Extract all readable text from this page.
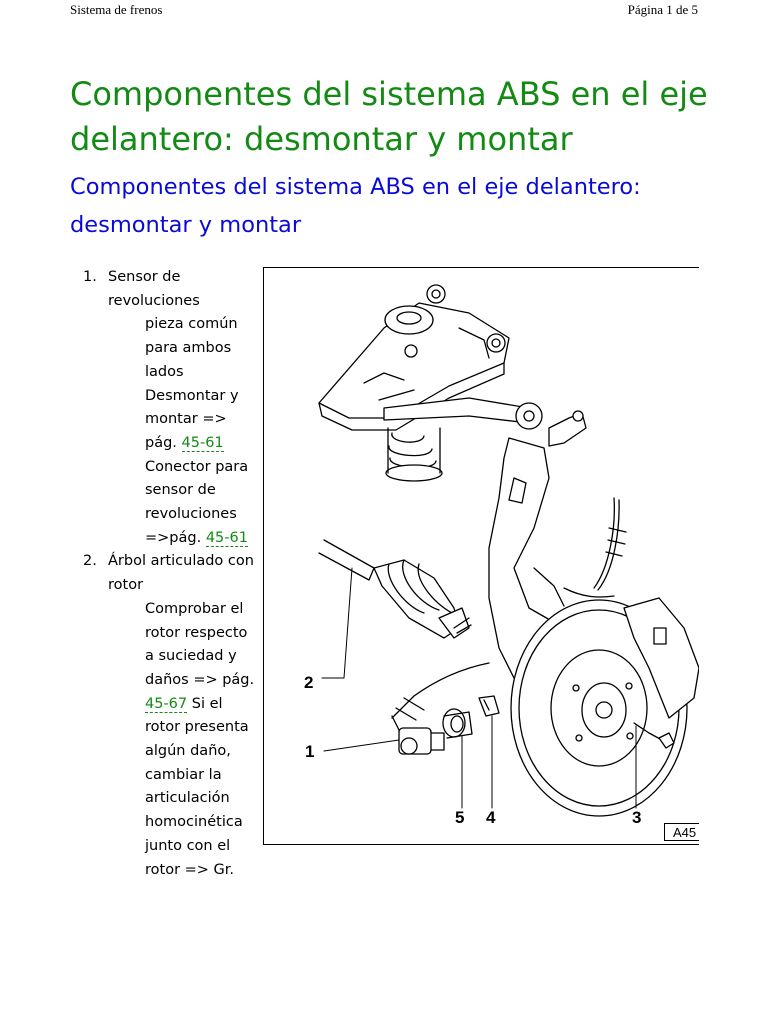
Sistema de frenos	Página 1 de 5
Componentes del sistema ABS en el eje delantero: desmontar y montar
Componentes del sistema ABS en el eje delantero: desmontar y montar
1. Sensor de revoluciones
pieza común para ambos lados Desmontar y montar => pág. 45-61 Conector para sensor de revoluciones =>pág. 45-61
2. Árbol articulado con rotor
Comprobar el rotor respecto a suciedad y daños => pág. 45-67 Si el rotor presenta algún daño, cambiar la articulación homocinética junto con el rotor => Gr.
2
1
5 4	3
A45
